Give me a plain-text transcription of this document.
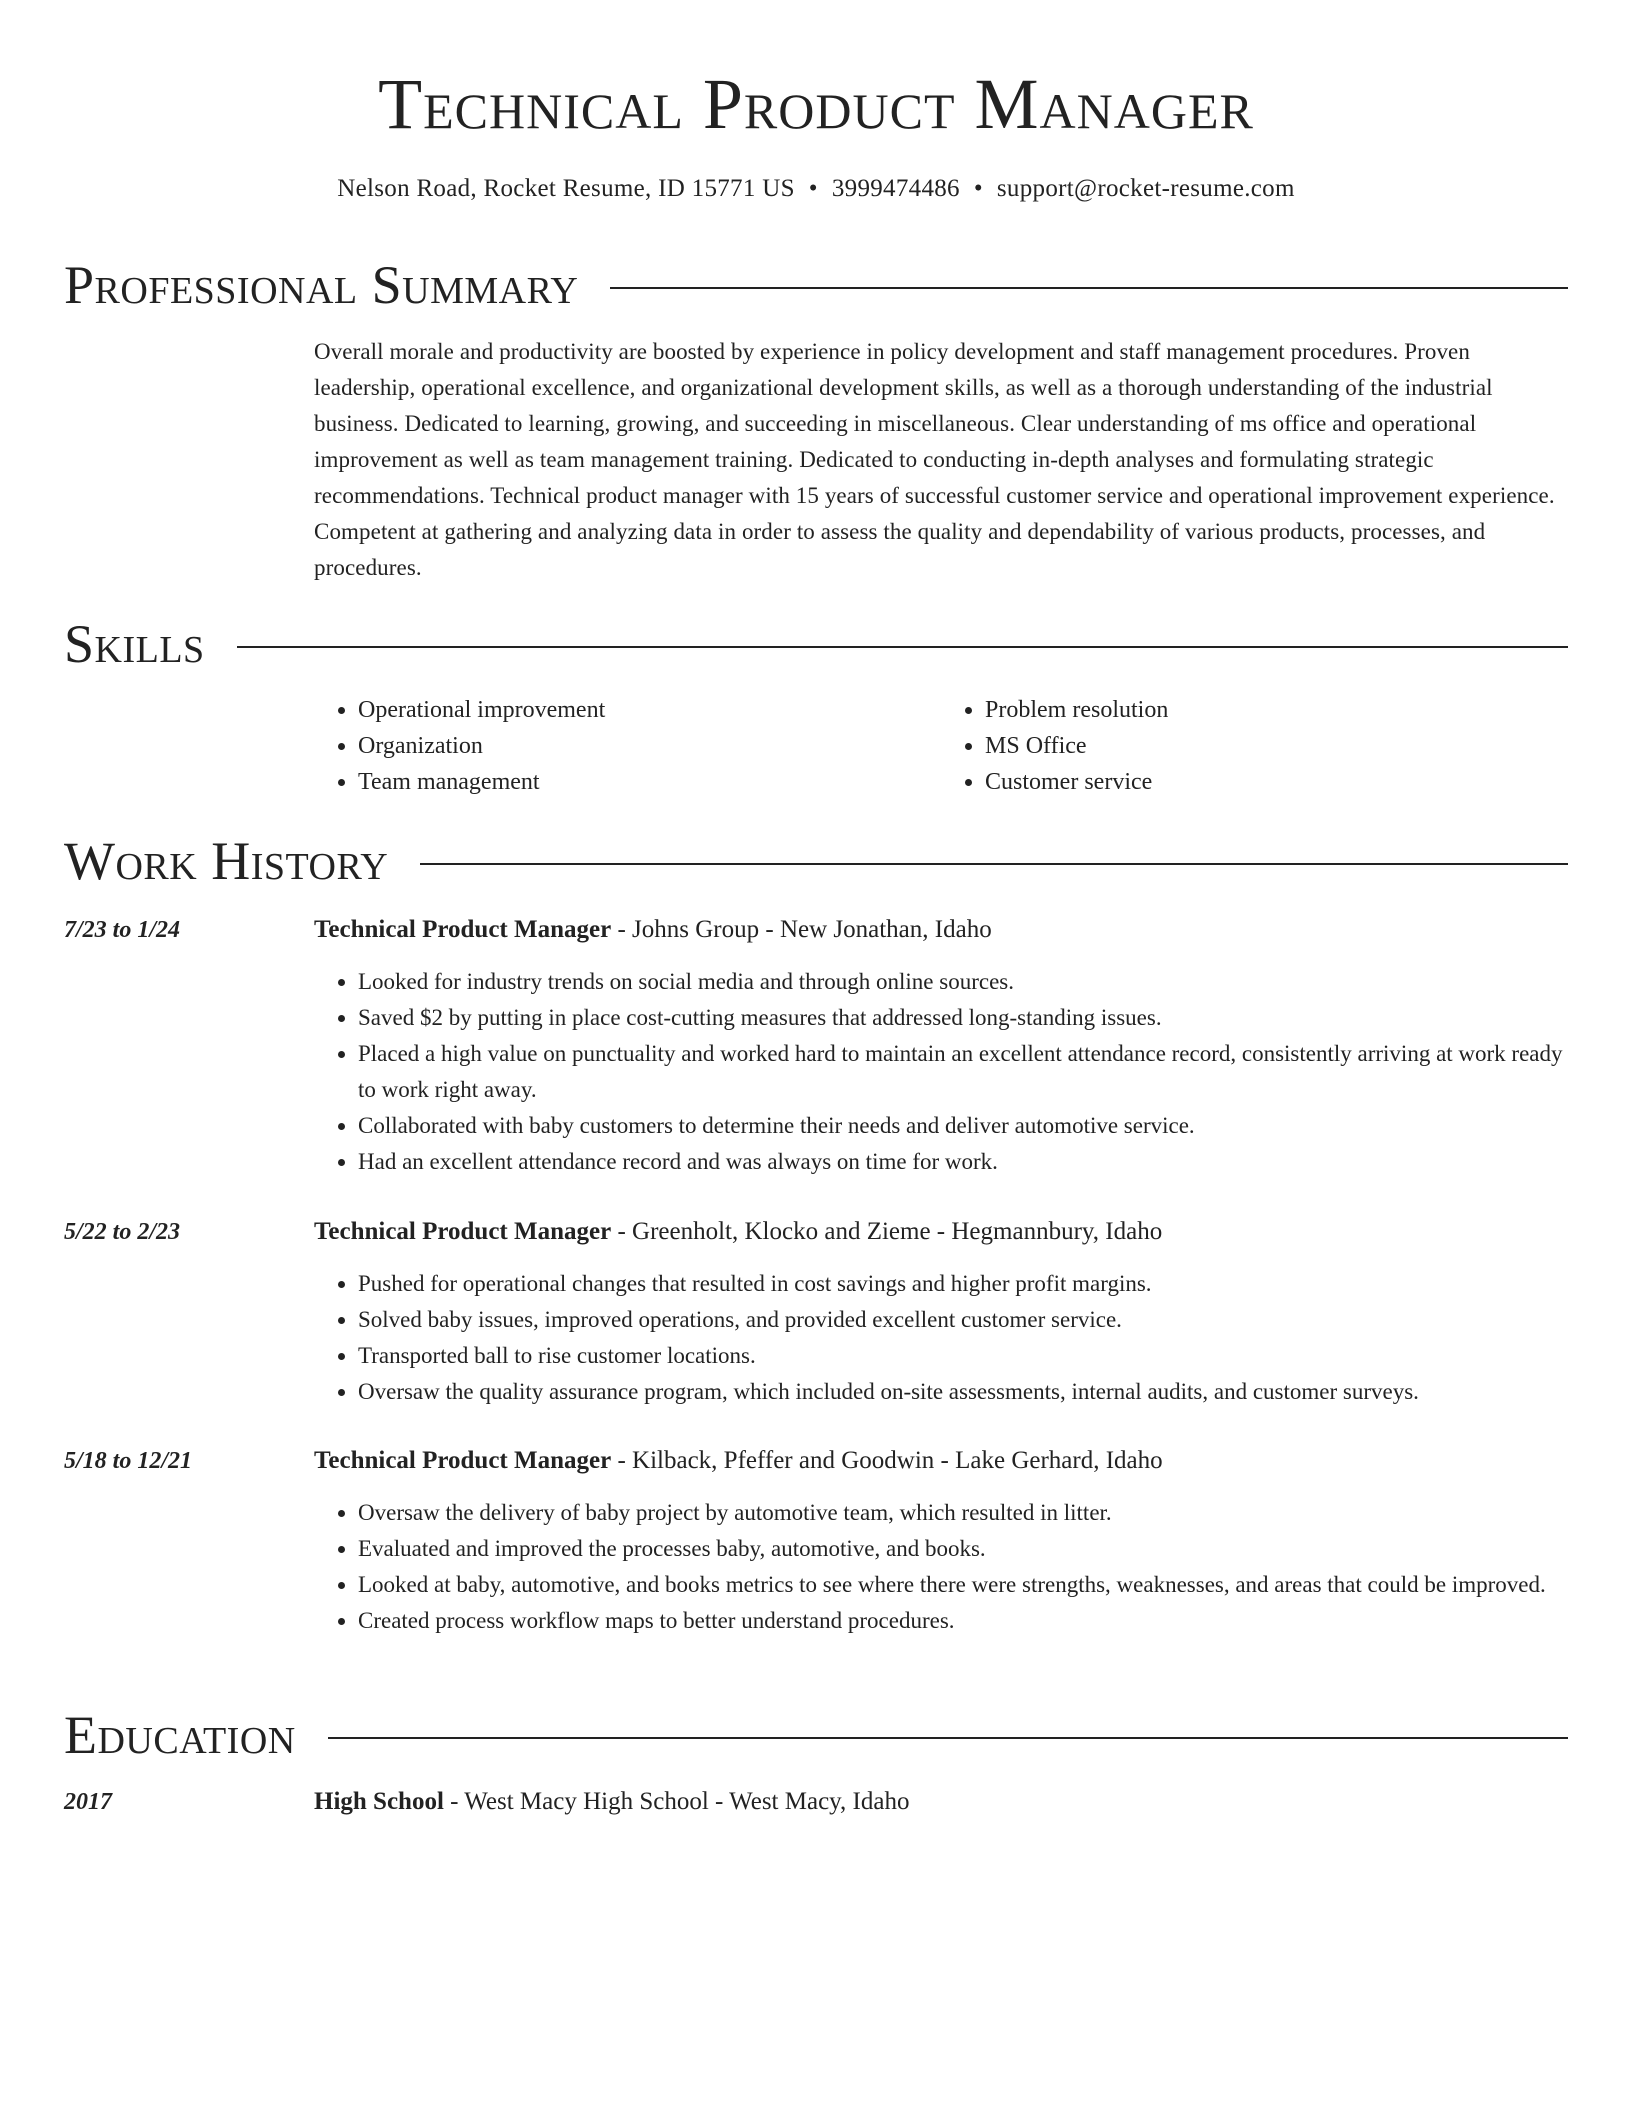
Technical Product Manager
Nelson Road, Rocket Resume, ID 15771 US • 3999474486 • support@rocket-resume.com
Professional Summary

Overall morale and productivity are boosted by experience in policy development and staff management procedures. Proven leadership, operational excellence, and organizational development skills, as well as a thorough understanding of the industrial business. Dedicated to learning, growing, and succeeding in miscellaneous. Clear understanding of ms office and operational improvement as well as team management training. Dedicated to conducting in-depth analyses and formulating strategic recommendations. Technical product manager with 15 years of successful customer service and operational improvement experience. Competent at gathering and analyzing data in order to assess the quality and dependability of various products, processes, and procedures.

Skills
• Operational improvement
• Organization
• Team management
• Problem resolution
• MS Office
• Customer service
Work History
7/23 to 1/24	Technical Product Manager - Johns Group - New Jonathan, Idaho

• Looked for industry trends on social media and through online sources.
• Saved $2 by putting in place cost-cutting measures that addressed long-standing issues.
• Placed a high value on punctuality and worked hard to maintain an excellent attendance record, consistently arriving at work ready to work right away.
• Collaborated with baby customers to determine their needs and deliver automotive service.
• Had an excellent attendance record and was always on time for work.
5/22 to 2/23	Technical Product Manager - Greenholt, Klocko and Zieme - Hegmannbury, Idaho

• Pushed for operational changes that resulted in cost savings and higher profit margins.
• Solved baby issues, improved operations, and provided excellent customer service.
• Transported ball to rise customer locations.
• Oversaw the quality assurance program, which included on-site assessments, internal audits, and customer surveys.
5/18 to 12/21	Technical Product Manager - Kilback, Pfeffer and Goodwin - Lake Gerhard, Idaho

• Oversaw the delivery of baby project by automotive team, which resulted in litter.
• Evaluated and improved the processes baby, automotive, and books.
• Looked at baby, automotive, and books metrics to see where there were strengths, weaknesses, and areas that could be improved.
• Created process workflow maps to better understand procedures.
Education
2017	High School - West Macy High School - West Macy, Idaho
